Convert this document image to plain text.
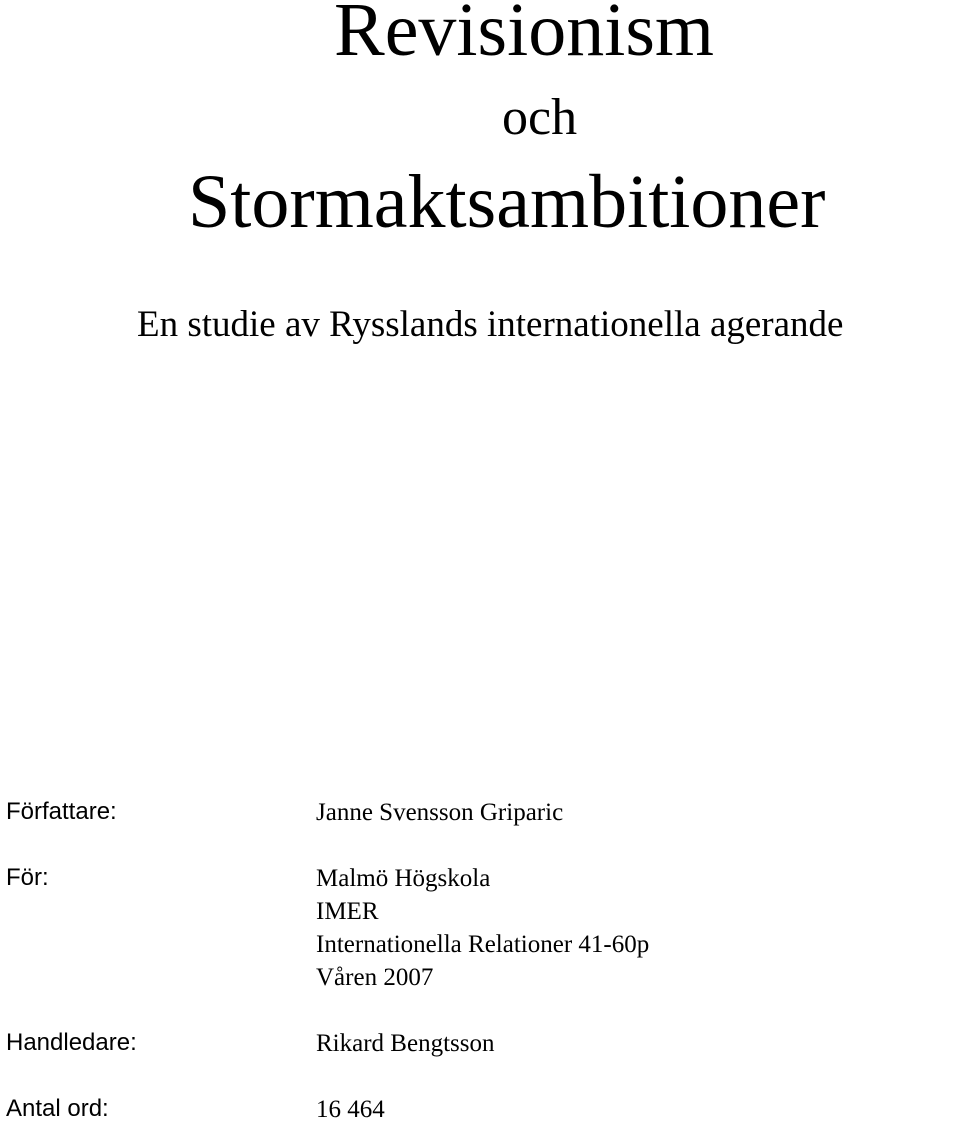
Revisionism
och
Stormaktsambitioner
En studie av Rysslands internationella agerande
Författare:	Janne Svensson Griparic
För:	Malmö Högskola
IMER
Internationella Relationer 41-60p
Våren 2007
Handledare:	Rikard Bengtsson
Antal ord:	16 464
